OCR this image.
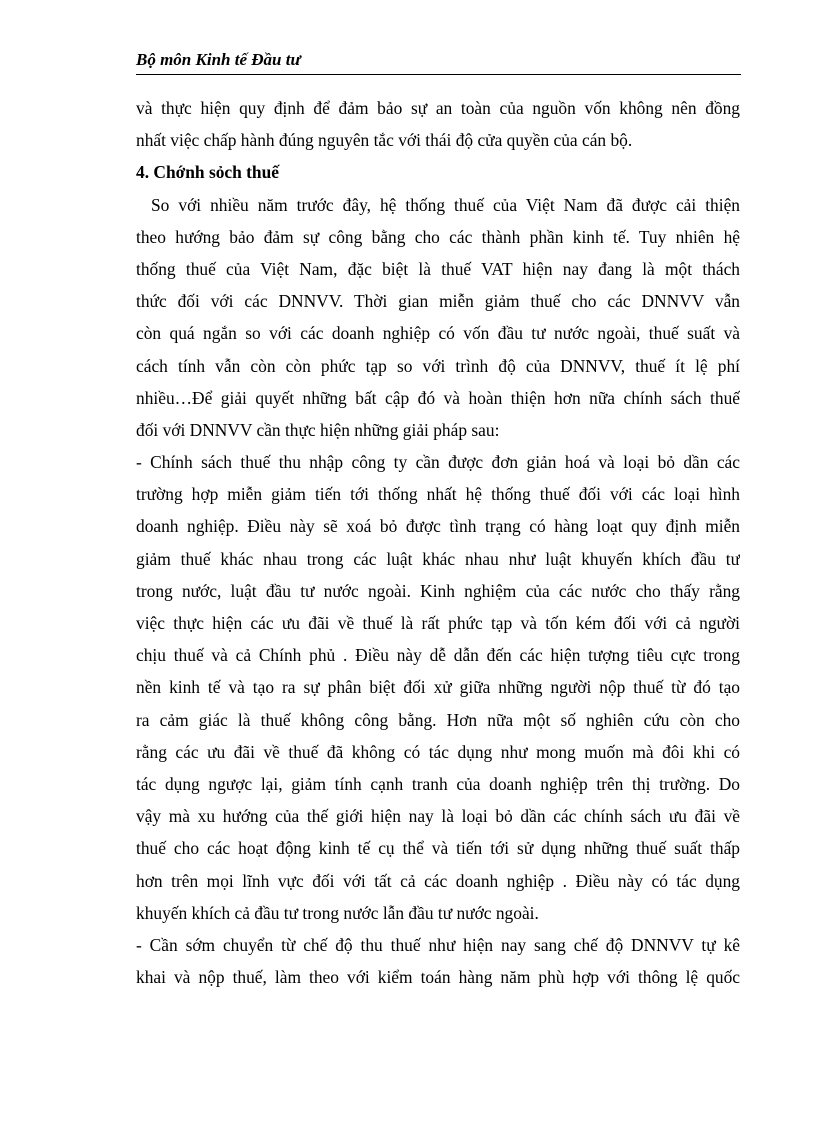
Bộ môn Kinh tế Đầu tư
và thực hiện quy định để đảm bảo sự an toàn của nguồn vốn không nên đồng
nhất việc chấp hành đúng nguyên tắc với thái độ cửa quyền của cán bộ.
4. Chớnh sỏch thuế
So với nhiều năm trước đây, hệ thống thuế của Việt Nam đã được cải thiện
theo hướng bảo đảm sự công bằng cho các thành phần kinh tế. Tuy nhiên hệ
thống thuế của Việt Nam, đặc biệt là thuế VAT hiện nay đang là một thách
thức đối với các DNNVV. Thời gian miễn giảm thuế cho các DNNVV vẫn
còn quá ngắn so với các doanh nghiệp có vốn đầu tư nước ngoài, thuế suất và
cách tính vẫn còn còn phức tạp so với trình độ của DNNVV, thuế ít lệ phí
nhiều…Để giải quyết những bất cập đó và hoàn thiện hơn nữa chính sách thuế
đối với DNNVV cần thực hiện những giải pháp sau:
- Chính sách thuế thu nhập công ty cần được đơn giản hoá và loại bỏ dần các
trường hợp miễn giảm tiến tới thống nhất hệ thống thuế đối với các loại hình
doanh nghiệp. Điều này sẽ xoá bỏ được tình trạng có hàng loạt quy định miễn
giảm thuế khác nhau trong các luật khác nhau như luật khuyến khích đầu tư
trong nước, luật đầu tư nước ngoài. Kinh nghiệm của các nước cho thấy rằng
việc thực hiện các ưu đãi về thuế là rất phức tạp và tốn kém đối với cả người
chịu thuế và cả Chính phủ . Điều này dễ dẫn đến các hiện tượng tiêu cực trong
nền kinh tế và tạo ra sự phân biệt đối xử giữa những người nộp thuế từ đó tạo
ra cảm giác là thuế không công bằng. Hơn nữa một số nghiên cứu còn cho
rằng các ưu đãi về thuế đã không có tác dụng như mong muốn mà đôi khi có
tác dụng ngược lại, giảm tính cạnh tranh của doanh nghiệp trên thị trường. Do
vậy mà xu hướng của thế giới hiện nay là loại bỏ dần các chính sách ưu đãi về
thuế cho các hoạt động kinh tế cụ thể và tiến tới sử dụng những thuế suất thấp
hơn trên mọi lĩnh vực đối với tất cả các doanh nghiệp . Điều này có tác dụng
khuyến khích cả đầu tư trong nước lẫn đầu tư nước ngoài.
- Cần sớm chuyển từ chế độ thu thuế như hiện nay sang chế độ DNNVV tự kê
khai và nộp thuế, làm theo với kiểm toán hàng năm phù hợp với thông lệ quốc
